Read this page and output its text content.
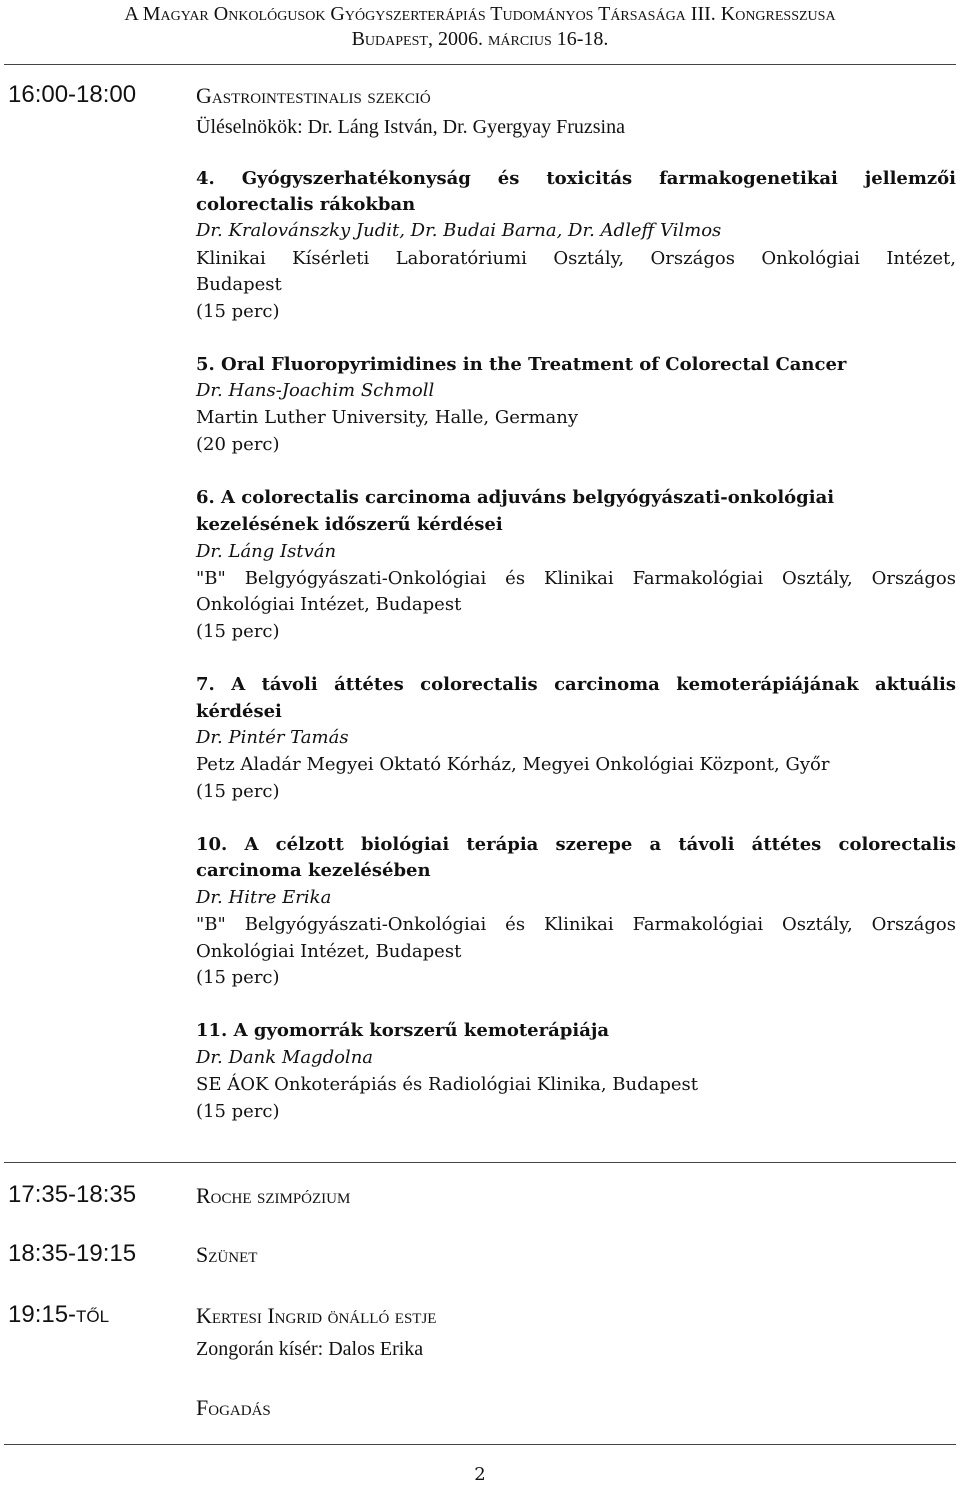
A Magyar Onkológusok Gyógyszerterápiás Tudományos Társasága III. Kongresszusa
Budapest, 2006. március 16-18.
16:00-18:00	Gastrointestinalis szekció
Üléselnökök: Dr. Láng István, Dr. Gyergyay Fruzsina
4. Gyógyszerhatékonyság és toxicitás farmakogenetikai jellemzői
colorectalis rákokban
Dr. Kralovánszky Judit, Dr. Budai Barna, Dr. Adleff Vilmos
Klinikai Kísérleti Laboratóriumi Osztály, Országos Onkológiai Intézet,
Budapest
(15 perc)
5. Oral Fluoropyrimidines in the Treatment of Colorectal Cancer
Dr. Hans-Joachim Schmoll
Martin Luther University, Halle, Germany
(20 perc)
6. A colorectalis carcinoma adjuváns belgyógyászati-onkológiai
kezelésének időszerű kérdései
Dr. Láng István
"B" Belgyógyászati-Onkológiai és Klinikai Farmakológiai Osztály, Országos
Onkológiai Intézet, Budapest
(15 perc)
7. A távoli áttétes colorectalis carcinoma kemoterápiájának aktuális
kérdései
Dr. Pintér Tamás
Petz Aladár Megyei Oktató Kórház, Megyei Onkológiai Központ, Győr
(15 perc)
10. A célzott biológiai terápia szerepe a távoli áttétes colorectalis
carcinoma kezelésében
Dr. Hitre Erika
"B" Belgyógyászati-Onkológiai és Klinikai Farmakológiai Osztály, Országos
Onkológiai Intézet, Budapest
(15 perc)
11. A gyomorrák korszerű kemoterápiája
Dr. Dank Magdolna
SE ÁOK Onkoterápiás és Radiológiai Klinika, Budapest
(15 perc)
17:35-18:35	Roche szimpózium
18:35-19:15	Szünet
19:15-től	Kertesi Ingrid önálló estje
Zongorán kísér: Dalos Erika
Fogadás
2
